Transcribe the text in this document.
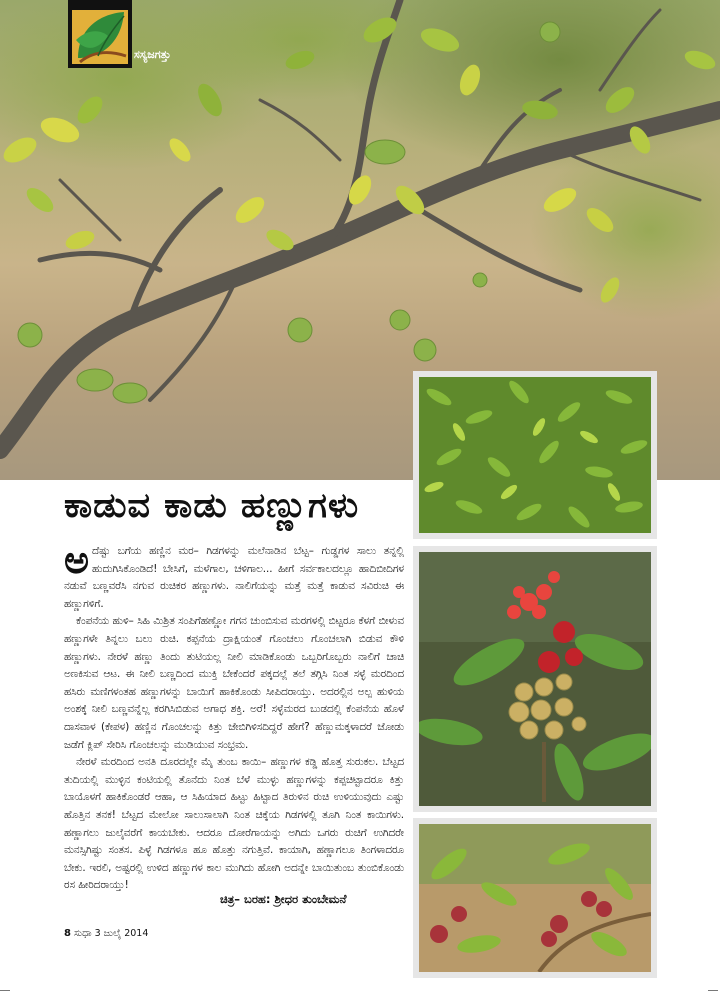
ಸಸ್ಯಜಗತ್ತು
ಕಾಡುವ ಕಾಡು ಹಣ್ಣುಗಳು

ಅದೆಷ್ಟು ಬಗೆಯ ಹಣ್ಣಿನ ಮರ– ಗಿಡಗಳನ್ನು ಮಲೆನಾಡಿನ ಬೆಟ್ಟ– ಗುಡ್ಡಗಳ ಸಾಲು ತನ್ನಲ್ಲಿ ಹುದುಗಿಸಿಕೊಂಡಿದೆ! ಬೇಸಿಗೆ, ಮಳೆಗಾಲ, ಚಳಿಗಾಲ... ಹೀಗೆ ಸರ್ವಕಾಲದಲ್ಲೂ ಹಾದಿಬೀದಿಗಳ ನಡುವೆ ಬಣ್ಣವರೆಸಿ ನಗುವ ರುಚಿಕರ ಹಣ್ಣುಗಳು. ನಾಲಿಗೆಯನ್ನು ಮತ್ತೆ ಮತ್ತೆ ಕಾಡುವ ಸವಿರುಚಿ ಈ ಹಣ್ಣುಗಳಿಗೆ.

ಕೆಂಪನೆಯ ಹುಳಿ– ಸಿಹಿ ಮಿಶ್ರಿತ ಸಂಪಿಗೆಹಣ್ಣೋ ಗಗನ ಚುಂಬಿಸುವ ಮರಗಳಲ್ಲಿ ಬಿಟ್ಟರೂ ಕೆಳಗೆ ಬೀಳುವ ಹಣ್ಣುಗಳೇ ತಿನ್ನಲು ಬಲು ರುಚಿ. ಕಪ್ಪನೆಯ ದ್ರಾಕ್ಷಿಯಂತೆ ಗೊಂಚಲು ಗೊಂಚಲಾಗಿ ಬಿಡುವ ಕೌಳಿ ಹಣ್ಣುಗಳು. ನೇರಳೆ ಹಣ್ಣು ತಿಂದು ತುಟಿಯಲ್ಲ ನೀಲಿ ಮಾಡಿಕೊಂಡು ಒಬ್ಬರಿಗೊಬ್ಬರು ನಾಲಿಗೆ ಚಾಚಿ ಅಣಕಿಸುವ ಆಟ. ಈ ನೀಲಿ ಬಣ್ಣದಿಂದ ಮುಕ್ತಿ ಬೇಕೆಂದರೆ ಪಕ್ಕದಲ್ಲೆ ತಲೆ ತಗ್ಗಿಸಿ ನಿಂತ ಸಳ್ಳೆ ಮರದಿಂದ ಹಸಿರು ಮಣಿಗಳಂತಹ ಹಣ್ಣುಗಳನ್ನು ಬಾಯಿಗೆ ಹಾಕಿಕೊಂಡು ಸೀಪಿದರಾಯ್ತು. ಅದರಲ್ಲಿನ ಅಲ್ಪ ಹುಳಿಯ ಅಂಶಕ್ಕೆ ನೀಲಿ ಬಣ್ಣವನ್ನೆಲ್ಲ ಕರಗಿಸಿಬಿಡುವ ಅಗಾಧ ಶಕ್ತಿ. ಅರೆ! ಸಳ್ಳೆಮರದ ಬುಡದಲ್ಲಿ ಕೆಂಪನೆಯ ಹೊಳೆ ದಾಸವಾಳ (ಕೇಪಳ) ಹಣ್ಣಿನ ಗೊಂಚಲನ್ನು ಕಿತ್ತು ಜೇಬಿಗಿಳಿಸದಿದ್ದರೆ ಹೇಗೆ? ಹೆಣ್ಣುಮಕ್ಕಳಾದರೆ ಜೋಡು ಜಡೆಗೆ ಕ್ಲಿಪ್ ಸೇರಿಸಿ ಗೊಂಚಲನ್ನು ಮುಡಿಯುವ ಸಂಭ್ರಮ.

ನೇರಳೆ ಮರದಿಂದ ಅನತಿ ದೂರದಲ್ಲೇ ಮೈ ತುಂಬ ಕಾಯಿ– ಹಣ್ಣುಗಳ ಕಡ್ಡಿ ಹೊತ್ತ ಸುರುಕಲ. ಬೆಟ್ಟದ ತುದಿಯಲ್ಲಿ ಮುಳ್ಳಿನ ಕಂಟಿಯಲ್ಲಿ ತೊನೆದು ನಿಂತ ಬೆಳೆ ಮುಳ್ಳು ಹಣ್ಣುಗಳನ್ನು ಕಪ್ಪಚಿಟ್ಟಾದರೂ ಕಿತ್ತು ಬಾಯೊಳಗೆ ಹಾಕಿಕೊಂಡರೆ ಆಹಾ, ಆ ಸಿಹಿಯಾದ ಹಿಟ್ಟು ಹಿಟ್ಟಾದ ತಿರುಳಿನ ರುಚಿ ಉಳಿಯುವುದು ಎಷ್ಟು ಹೊತ್ತಿನ ತನಕ! ಬೆಟ್ಟದ ಮೇಲೋ ಸಾಲುಸಾಲಾಗಿ ನಿಂತ ಚಿಕ್ಕೆಯ ಗಿಡಗಳಲ್ಲಿ ತೂಗಿ ನಿಂತ ಕಾಯಿಗಳು. ಹಣ್ಣಾಗಲು ಜುಲೈವರೆಗೆ ಕಾಯಬೇಕು. ಆದರೂ ದೋರೆಗಾಯನ್ನು ಅಗಿದು ಒಗರು ರುಚಿಗೆ ಉಗಿದರೇ ಮನಸ್ಸಿಗಿಷ್ಟು ಸಂತಸ. ಪಿಳ್ಳೆ ಗಿಡಗಳೂ ಹೂ ಹೊತ್ತು ನಗುತ್ತಿವೆ. ಕಾಯಾಗಿ, ಹಣ್ಣಾಗಲೂ ತಿಂಗಳಾದರೂ ಬೇಕು. ಇರಲಿ, ಅಷ್ಟರಲ್ಲಿ ಉಳಿದ ಹಣ್ಣುಗಳ ಕಾಲ ಮುಗಿದು ಹೋಗಿ ಅದನ್ನೇ ಬಾಯಿತುಂಬ ತುಂಬಿಕೊಂಡು ರಸ ಹೀರಿದರಾಯ್ತು!

ಚಿತ್ರ– ಬರಹ: ಶ್ರೀಧರ ತುಂಬೇಮನೆ
8 ಸುಧಾ 3 ಜುಲೈ 2014
